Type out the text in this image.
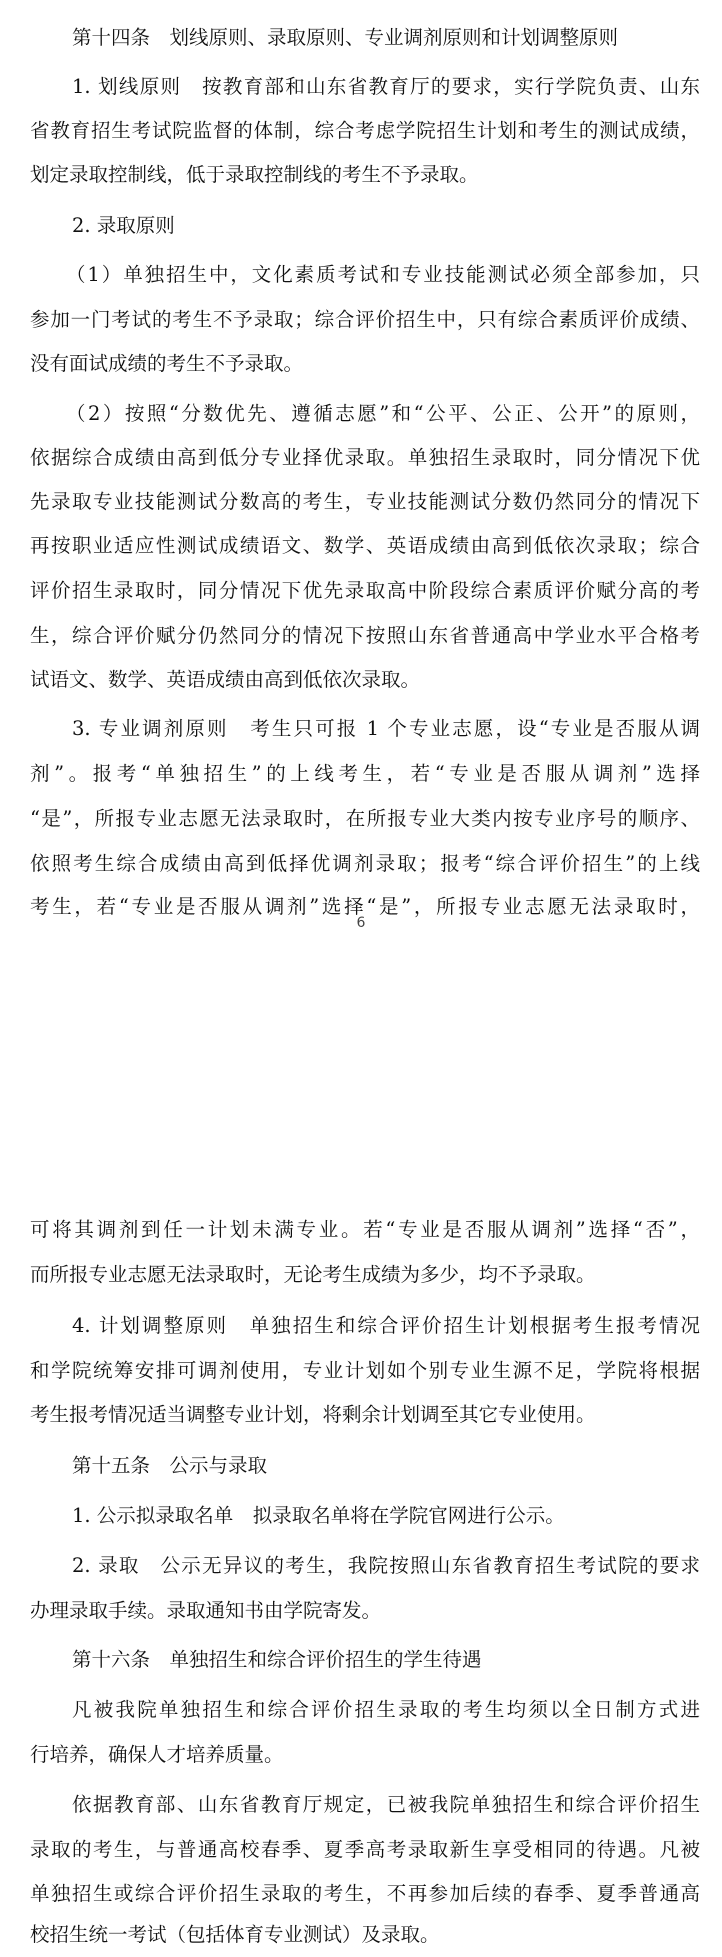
第十四条　划线原则、录取原则、专业调剂原则和计划调整原则
1. 划线原则　按教育部和山东省教育厅的要求，实行学院负责、山东
省教育招生考试院监督的体制，综合考虑学院招生计划和考生的测试成绩，
划定录取控制线，低于录取控制线的考生不予录取。
2. 录取原则
（1）单独招生中，文化素质考试和专业技能测试必须全部参加，只
参加一门考试的考生不予录取；综合评价招生中，只有综合素质评价成绩、
没有面试成绩的考生不予录取。
（2）按照“分数优先、遵循志愿”和“公平、公正、公开”的原则，
依据综合成绩由高到低分专业择优录取。单独招生录取时，同分情况下优
先录取专业技能测试分数高的考生，专业技能测试分数仍然同分的情况下
再按职业适应性测试成绩语文、数学、英语成绩由高到低依次录取；综合
评价招生录取时，同分情况下优先录取高中阶段综合素质评价赋分高的考
生，综合评价赋分仍然同分的情况下按照山东省普通高中学业水平合格考
试语文、数学、英语成绩由高到低依次录取。
3. 专业调剂原则　考生只可报 1 个专业志愿，设“专业是否服从调
剂”。报考“单独招生”的上线考生，若“专业是否服从调剂”选择
“是”，所报专业志愿无法录取时，在所报专业大类内按专业序号的顺序、
依照考生综合成绩由高到低择优调剂录取；报考“综合评价招生”的上线
考生，若“专业是否服从调剂”选择“是”，所报专业志愿无法录取时，
6
可将其调剂到任一计划未满专业。若“专业是否服从调剂”选择“否”，
而所报专业志愿无法录取时，无论考生成绩为多少，均不予录取。
4. 计划调整原则　单独招生和综合评价招生计划根据考生报考情况
和学院统筹安排可调剂使用，专业计划如个别专业生源不足，学院将根据
考生报考情况适当调整专业计划，将剩余计划调至其它专业使用。
第十五条　公示与录取
1. 公示拟录取名单　拟录取名单将在学院官网进行公示。
2. 录取　公示无异议的考生，我院按照山东省教育招生考试院的要求
办理录取手续。录取通知书由学院寄发。
第十六条　单独招生和综合评价招生的学生待遇
凡被我院单独招生和综合评价招生录取的考生均须以全日制方式进
行培养，确保人才培养质量。
依据教育部、山东省教育厅规定，已被我院单独招生和综合评价招生
录取的考生，与普通高校春季、夏季高考录取新生享受相同的待遇。凡被
单独招生或综合评价招生录取的考生，不再参加后续的春季、夏季普通高
校招生统一考试（包括体育专业测试）及录取。
